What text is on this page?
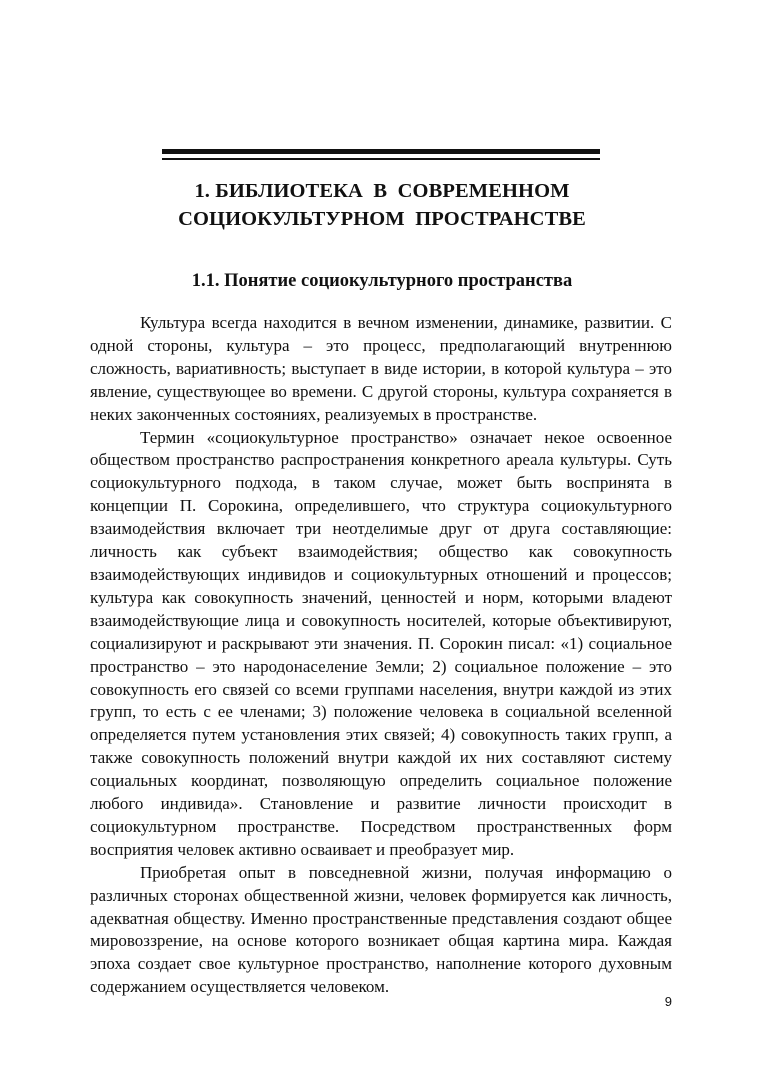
1. БИБЛИОТЕКА  В  СОВРЕМЕННОМ
СОЦИОКУЛЬТУРНОМ  ПРОСТРАНСТВЕ
1.1. Понятие социокультурного пространства

Культура всегда находится в вечном изменении, динамике, развитии. С одной стороны, культура – это процесс, предполагающий внутреннюю сложность, вариативность; выступает в виде истории, в которой культура – это явление, существующее во времени. С другой стороны, культура сохраняется в неких законченных состояниях, реализуемых в пространстве.

Термин «социокультурное пространство» означает некое освоенное обществом пространство распространения конкретного ареала культуры. Суть социокультурного подхода, в таком случае, может быть воспринята в концепции П. Сорокина, определившего, что структура социокультурного взаимодействия включает три неотделимые друг от друга составляющие: личность как субъект взаимодействия; общество как совокупность взаимодействующих индивидов и социокультурных отношений и процессов; культура как совокупность значений, ценностей и норм, которыми владеют взаимодействующие лица и совокупность носителей, которые объективируют, социализируют и раскрывают эти значения. П. Сорокин писал: «1) социальное пространство – это народонаселение Земли; 2) социальное положение – это совокупность его связей со всеми группами населения, внутри каждой из этих групп, то есть с ее членами; 3) положение человека в социальной вселенной определяется путем установления этих связей; 4) совокупность таких групп, а также совокупность положений внутри каждой их них составляют систему социальных координат, позволяющую определить социальное положение любого индивида». Становление и развитие личности происходит в социокультурном пространстве. Посредством пространственных форм восприятия человек активно осваивает и преобразует мир.

Приобретая опыт в повседневной жизни, получая информацию о различных сторонах общественной жизни, человек формируется как личность, адекватная обществу. Именно пространственные представления создают общее мировоззрение, на основе которого возникает общая картина мира. Каждая эпоха создает свое культурное пространство, наполнение которого духовным содержанием осуществляется человеком.

9
